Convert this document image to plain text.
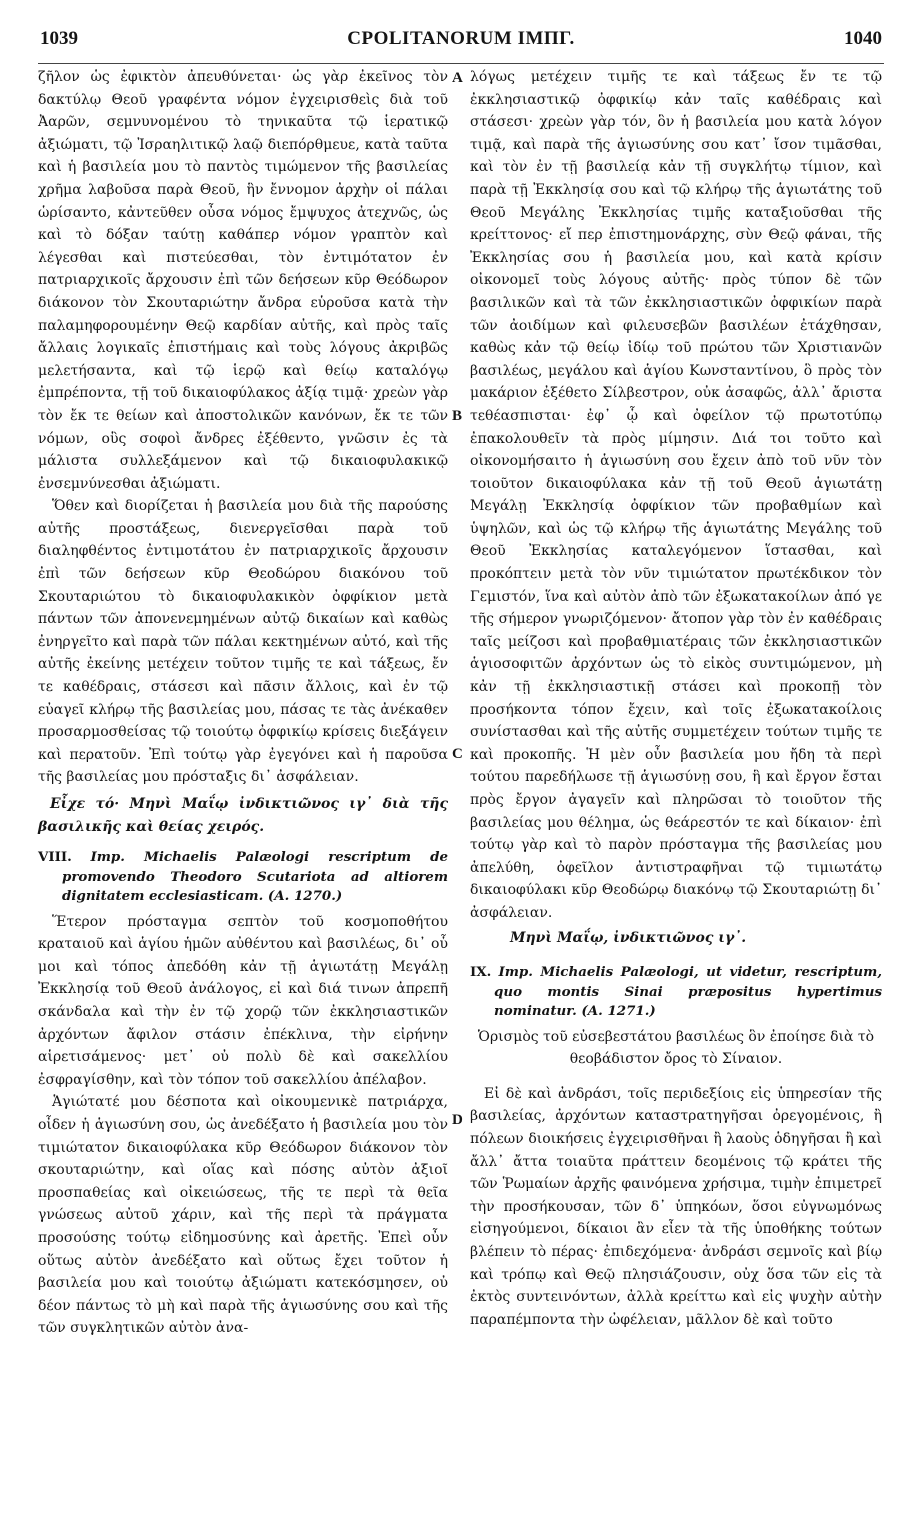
1039	CPOLITANORUM IMΠΓ.	1040

ζῆλον ὡς ἐφικτὸν ἀπευθύνεται· ὡς γὰρ ἐκεῖνος τὸν δακτύλῳ Θεοῦ γραφέντα νόμον ἐγχειρισθεὶς διὰ τοῦ Ἀαρῶν, σεμνυνομένου τὸ τηνικαῦτα τῷ ἱερατικῷ ἀξιώματι, τῷ Ἰσραηλιτικῷ λαῷ διεπόρθμευε, κατὰ ταῦτα καὶ ἡ βασιλεία μου τὸ παντὸς τιμώμενον τῆς βασιλείας χρῆμα λαβοῦσα παρὰ Θεοῦ, ἣν ἔννομον ἀρχὴν οἱ πάλαι ὡρίσαντο, κἀντεῦθεν οὖσα νόμος ἔμψυχος ἀτεχνῶς, ὡς καὶ τὸ δόξαν ταύτῃ καθάπερ νόμον γραπτὸν καὶ λέγεσθαι καὶ πιστεύεσθαι, τὸν ἐντιμότατον ἐν πατριαρχικοῖς ἄρχουσιν ἐπὶ τῶν δεήσεων κῦρ Θεόδωρον διάκονον τὸν Σκουταριώτην ἄνδρα εὑροῦσα κατὰ τὴν παλαμηφορουμένην Θεῷ καρδίαν αὐτῆς, καὶ πρὸς ταῖς ἄλλαις λογικαῖς ἐπιστήμαις καὶ τοὺς λόγους ἀκριβῶς μελετήσαντα, καὶ τῷ ἱερῷ καὶ θείῳ καταλόγῳ ἐμπρέποντα, τῇ τοῦ δικαιοφύλακος ἀξίᾳ τιμᾷ· χρεὼν γὰρ τὸν ἔκ τε θείων καὶ ἀποστολικῶν κανόνων, ἔκ τε τῶν νόμων, οὓς σοφοὶ ἄνδρες ἐξέθεντο, γνῶσιν ἐς τὰ μάλιστα συλλεξάμενον καὶ τῷ δικαιοφυλακικῷ ἐνσεμνύνεσθαι ἀξιώματι.

Ὅθεν καὶ διορίζεται ἡ βασιλεία μου διὰ τῆς παρούσης αὐτῆς προστάξεως, διενεργεῖσθαι παρὰ τοῦ διαληφθέντος ἐντιμοτάτου ἐν πατριαρχικοῖς ἄρχουσιν ἐπὶ τῶν δεήσεων κῦρ Θεοδώρου διακόνου τοῦ Σκουταριώτου τὸ δικαιοφυλακικὸν ὀφφίκιον μετὰ πάντων τῶν ἀπονενεμημένων αὐτῷ δικαίων καὶ καθὼς ἐνηργεῖτο καὶ παρὰ τῶν πάλαι κεκτημένων αὐτό, καὶ τῆς αὐτῆς ἐκείνης μετέχειν τοῦτον τιμῆς τε καὶ τάξεως, ἔν τε καθέδραις, στάσεσι καὶ πᾶσιν ἄλλοις, καὶ ἐν τῷ εὐαγεῖ κλήρῳ τῆς βασιλείας μου, πάσας τε τὰς ἀνέκαθεν προσαρμοσθείσας τῷ τοιούτῳ ὀφφικίῳ κρίσεις διεξάγειν καὶ περατοῦν. Ἐπὶ τούτῳ γὰρ ἐγεγόνει καὶ ἡ παροῦσα τῆς βασιλείας μου πρόσταξις δι᾽ ἀσφάλειαν.

Εἶχε τό· Μηνὶ Μαΐῳ ἰνδικτιῶνος ιγ᾽ διὰ τῆς βασιλικῆς καὶ θείας χειρός.

VIII. Imp. Michaelis Palæologi rescriptum de promovendo Theodoro Scutariota ad altiorem dignitatem ecclesiasticam. (A. 1270.)

Ἕτερον πρόσταγμα σεπτὸν τοῦ κοσμοποθήτου κραταιοῦ καὶ ἁγίου ἡμῶν αὐθέντου καὶ βασιλέως, δι᾽ οὗ μοι καὶ τόπος ἀπεδόθη κἀν τῇ ἁγιωτάτῃ Μεγάλῃ Ἐκκλησίᾳ τοῦ Θεοῦ ἀνάλογος, εἰ καὶ διά τινων ἀπρεπῆ σκάνδαλα καὶ τὴν ἐν τῷ χορῷ τῶν ἐκκλησιαστικῶν ἀρχόντων ἄφιλον στάσιν ἐπέκλινα, τὴν εἰρήνην αἱρετισάμενος· μετ᾽ οὐ πολὺ δὲ καὶ σακελλίου ἐσφραγίσθην, καὶ τὸν τόπον τοῦ σακελλίου ἀπέλαβον.

Ἁγιώτατέ μου δέσποτα καὶ οἰκουμενικὲ πατριάρχα, οἶδεν ἡ ἁγιωσύνη σου, ὡς ἀνεδέξατο ἡ βασιλεία μου τὸν τιμιώτατον δικαιοφύλακα κῦρ Θεόδωρον διάκονον τὸν σκουταριώτην, καὶ οἵας καὶ πόσης αὐτὸν ἀξιοῖ προσπαθείας καὶ οἰκειώσεως, τῆς τε περὶ τὰ θεῖα γνώσεως αὐτοῦ χάριν, καὶ τῆς περὶ τὰ πράγματα προσούσης τούτῳ εἰδημοσύνης καὶ ἀρετῆς. Ἐπεὶ οὖν οὕτως αὐτὸν ἀνεδέξατο καὶ οὕτως ἔχει τοῦτον ἡ βασιλεία μου καὶ τοιούτῳ ἀξιώματι κατεκόσμησεν, οὐ δέον πάντως τὸ μὴ καὶ παρὰ τῆς ἁγιωσύνης σου καὶ τῆς τῶν συγκλητικῶν αὐτὸν ἀνα-

A
B
C
D

λόγως μετέχειν τιμῆς τε καὶ τάξεως ἔν τε τῷ ἐκκλησιαστικῷ ὀφφικίῳ κἀν ταῖς καθέδραις καὶ στάσεσι· χρεὼν γὰρ τόν, ὃν ἡ βασιλεία μου κατὰ λόγον τιμᾷ, καὶ παρὰ τῆς ἁγιωσύνης σου κατ᾽ ἴσον τιμᾶσθαι, καὶ τὸν ἐν τῇ βασιλείᾳ κἀν τῇ συγκλήτῳ τίμιον, καὶ παρὰ τῇ Ἐκκλησίᾳ σου καὶ τῷ κλήρῳ τῆς ἁγιωτάτης τοῦ Θεοῦ Μεγάλης Ἐκκλησίας τιμῆς καταξιοῦσθαι τῆς κρείττονος· εἴ περ ἐπιστημονάρχης, σὺν Θεῷ φάναι, τῆς Ἐκκλησίας σου ἡ βασιλεία μου, καὶ κατὰ κρίσιν οἰκονομεῖ τοὺς λόγους αὐτῆς· πρὸς τύπον δὲ τῶν βασιλικῶν καὶ τὰ τῶν ἐκκλησιαστικῶν ὀφφικίων παρὰ τῶν ἀοιδίμων καὶ φιλευσεβῶν βασιλέων ἐτάχθησαν, καθὼς κἀν τῷ θείῳ ἰδίῳ τοῦ πρώτου τῶν Χριστιανῶν βασιλέως, μεγάλου καὶ ἁγίου Κωνσταντίνου, ὃ πρὸς τὸν μακάριον ἐξέθετο Σίλβεστρον, οὐκ ἀσαφῶς, ἀλλ᾽ ἄριστα τεθέασπισται· ἐφ᾽ ᾧ καὶ ὀφείλον τῷ πρωτοτύπῳ ἐπακολουθεῖν τὰ πρὸς μίμησιν. Διά τοι τοῦτο καὶ οἰκονομήσαιτο ἡ ἁγιωσύνη σου ἔχειν ἀπὸ τοῦ νῦν τὸν τοιοῦτον δικαιοφύλακα κἀν τῇ τοῦ Θεοῦ ἁγιωτάτῃ Μεγάλῃ Ἐκκλησίᾳ ὀφφίκιον τῶν προβαθμίων καὶ ὑψηλῶν, καὶ ὡς τῷ κλήρῳ τῆς ἁγιωτάτης Μεγάλης τοῦ Θεοῦ Ἐκκλησίας καταλεγόμενον ἵστασθαι, καὶ προκόπτειν μετὰ τὸν νῦν τιμιώτατον πρωτέκδικον τὸν Γεμιστόν, ἵνα καὶ αὐτὸν ἀπὸ τῶν ἐξωκατακοίλων ἀπό γε τῆς σήμερον γνωριζόμενον· ἄτοπον γὰρ τὸν ἐν καθέδραις ταῖς μείζοσι καὶ προβαθμιατέραις τῶν ἐκκλησιαστικῶν ἁγιοσοφιτῶν ἀρχόντων ὡς τὸ εἰκὸς συντιμώμενον, μὴ κἀν τῇ ἐκκλησιαστικῇ στάσει καὶ προκοπῇ τὸν προσήκοντα τόπον ἔχειν, καὶ τοῖς ἐξωκατακοίλοις συνίστασθαι καὶ τῆς αὐτῆς συμμετέχειν τούτων τιμῆς τε καὶ προκοπῆς. Ἡ μὲν οὖν βασιλεία μου ἤδη τὰ περὶ τούτου παρεδήλωσε τῇ ἁγιωσύνῃ σου, ἣ καὶ ἔργον ἔσται πρὸς ἔργον ἀγαγεῖν καὶ πληρῶσαι τὸ τοιοῦτον τῆς βασιλείας μου θέλημα, ὡς θεάρεστόν τε καὶ δίκαιον· ἐπὶ τούτῳ γὰρ καὶ τὸ παρὸν πρόσταγμα τῆς βασιλείας μου ἀπελύθη, ὀφεῖλον ἀντιστραφῆναι τῷ τιμιωτάτῳ δικαιοφύλακι κῦρ Θεοδώρῳ διακόνῳ τῷ Σκουταριώτῃ δι᾽ ἀσφάλειαν.

Μηνὶ Μαΐῳ, ἰνδικτιῶνος ιγ᾽.

IX. Imp. Michaelis Palæologi, ut videtur, rescriptum, quo montis Sinai præpositus hypertimus nominatur. (A. 1271.)

Ὁρισμὸς τοῦ εὐσεβεστάτου βασιλέως ὃν ἐποίησε διὰ τὸ θεοβάδιστον ὄρος τὸ Σίναιον.

Εἰ δὲ καὶ ἀνδράσι, τοῖς περιδεξίοις εἰς ὑπηρεσίαν τῆς βασιλείας, ἀρχόντων καταστρατηγῆσαι ὀρεγομένοις, ἢ πόλεων διοικήσεις ἐγχειρισθῆναι ἢ λαοὺς ὁδηγῆσαι ἢ καὶ ἄλλ᾽ ἄττα τοιαῦτα πράττειν δεομένοις τῷ κράτει τῆς τῶν Ῥωμαίων ἀρχῆς φαινόμενα χρήσιμα, τιμὴν ἐπιμετρεῖ τὴν προσήκουσαν, τῶν δ᾽ ὑπηκόων, ὅσοι εὐγνωμόνως εἰσηγούμενοι, δίκαιοι ἂν εἶεν τὰ τῆς ὑποθήκης τούτων βλέπειν τὸ πέρας· ἐπιδεχόμενα· ἀνδράσι σεμνοῖς καὶ βίῳ καὶ τρόπῳ καὶ Θεῷ πλησιάζουσιν, οὐχ ὅσα τῶν εἰς τὰ ἐκτὸς συντεινόντων, ἀλλὰ κρείττω καὶ εἰς ψυχὴν αὐτὴν παραπέμποντα τὴν ὠφέλειαν, μᾶλλον δὲ καὶ τοῦτο
